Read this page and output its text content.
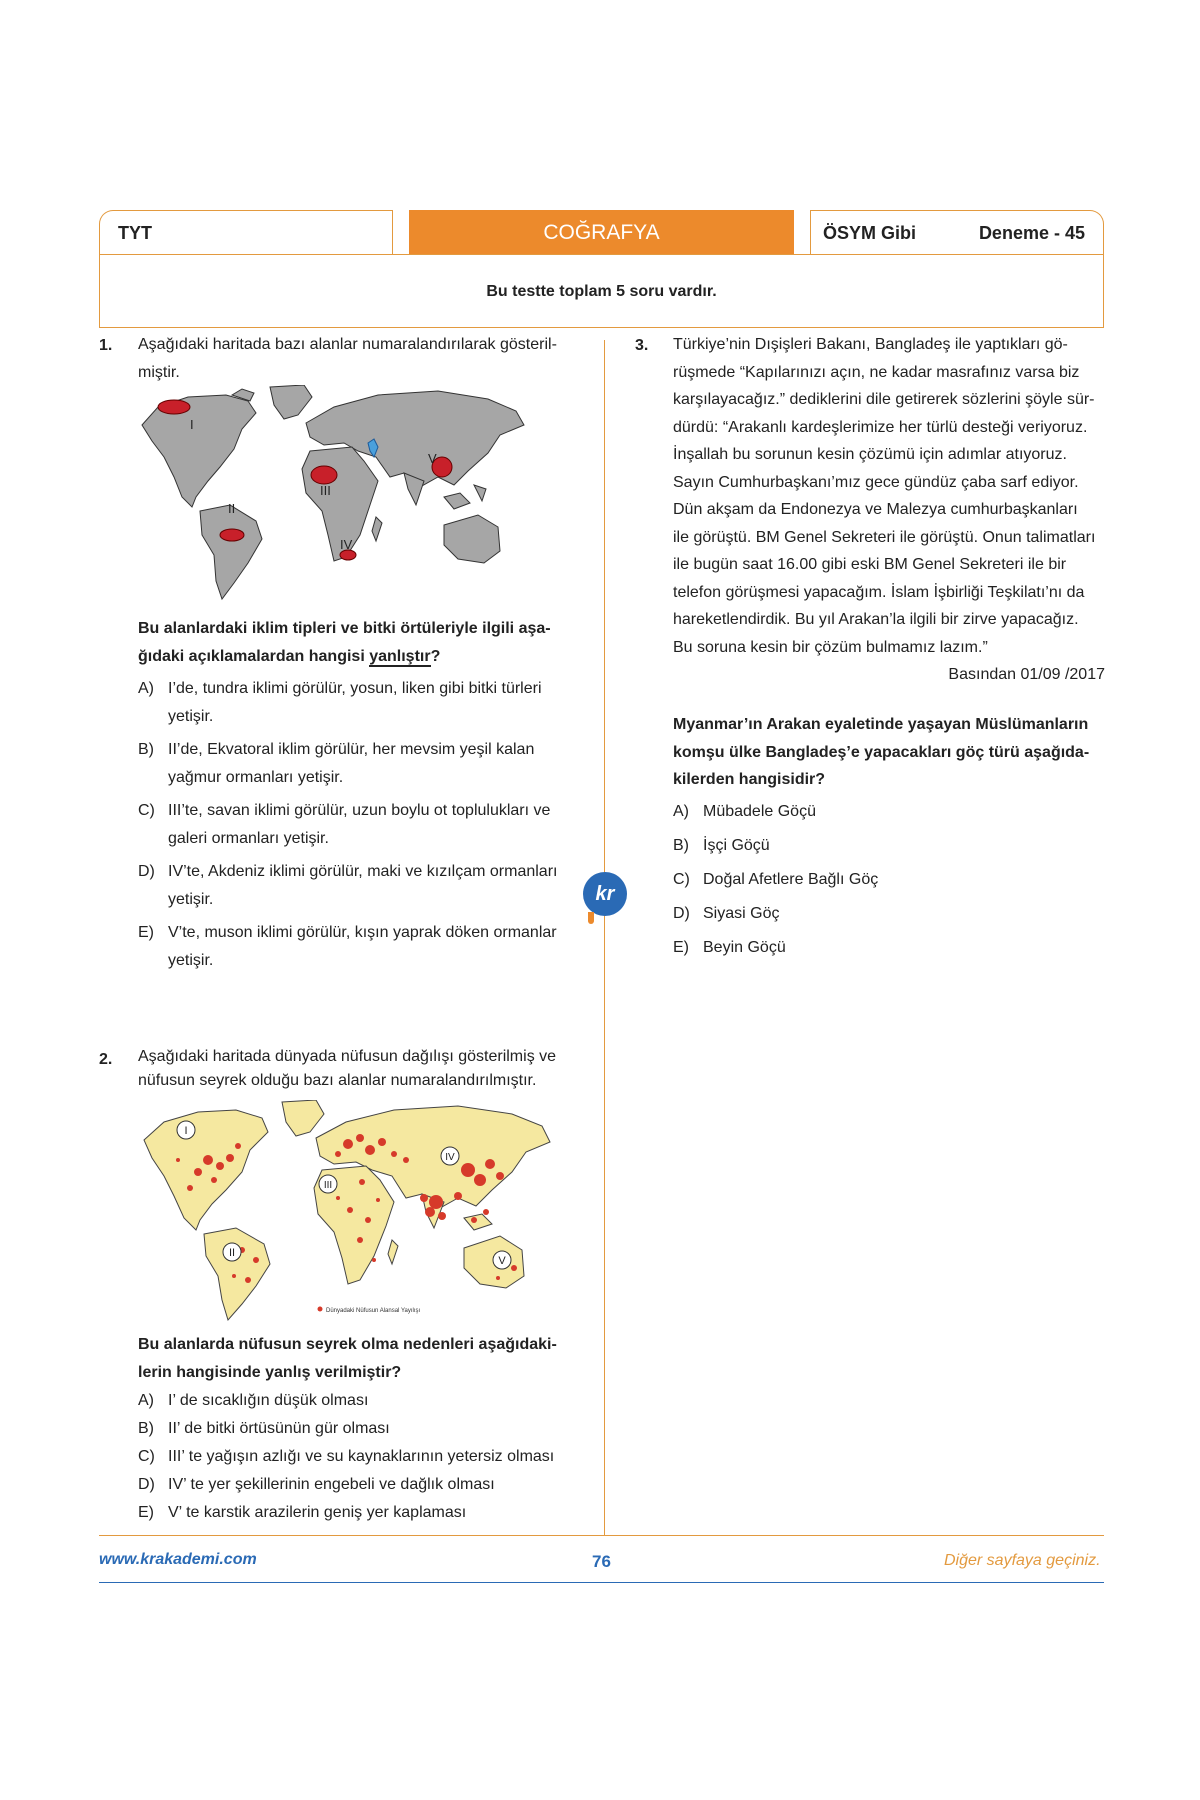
TYT	COĞRAFYA	ÖSYM Gibi	Deneme - 45
Bu testte toplam 5 soru vardır.
1. Aşağıdaki haritada bazı alanlar numaralandırılarak gösteril-
miştir.
I
II
III
IV
V
Bu alanlardaki iklim tipleri ve bitki örtüleriyle ilgili aşa-
ğıdaki açıklamalardan hangisi yanlıştır?
A) I’de, tundra iklimi görülür, yosun, liken gibi bitki türleri
yetişir.
B) II’de, Ekvatoral iklim görülür, her mevsim yeşil kalan
yağmur ormanları yetişir.
C) III’te, savan iklimi görülür, uzun boylu ot toplulukları ve
galeri ormanları yetişir.
D) IV’te, Akdeniz iklimi görülür, maki ve kızılçam ormanları
yetişir.
E) V’te, muson iklimi görülür, kışın yaprak döken ormanlar
yetişir.
kr
3. Türkiye’nin Dışişleri Bakanı, Bangladeş ile yaptıkları gö-
rüşmede “Kapılarınızı açın, ne kadar masrafınız varsa biz
karşılayacağız.” dediklerini dile getirerek sözlerini şöyle sür-
dürdü: “Arakanlı kardeşlerimize her türlü desteği veriyoruz.
İnşallah bu sorunun kesin çözümü için adımlar atıyoruz.
Sayın Cumhurbaşkanı’mız gece gündüz çaba sarf ediyor.
Dün akşam da Endonezya ve Malezya cumhurbaşkanları
ile görüştü. BM Genel Sekreteri ile görüştü. Onun talimatları
ile bugün saat 16.00 gibi eski BM Genel Sekreteri ile bir
telefon görüşmesi yapacağım. İslam İşbirliği Teşkilatı’nı da
hareketlendirdik. Bu yıl Arakan’la ilgili bir zirve yapacağız.
Bu soruna kesin bir çözüm bulmamız lazım.”
Basından 01/09 /2017
Myanmar’ın Arakan eyaletinde yaşayan Müslümanların
komşu ülke Bangladeş’e yapacakları göç türü aşağıda-
kilerden hangisidir?
A) Mübadele Göçü
B) İşçi Göçü
C) Doğal Afetlere Bağlı Göç
D) Siyasi Göç
E) Beyin Göçü
2. Aşağıdaki haritada dünyada nüfusun dağılışı gösterilmiş ve
nüfusun seyrek olduğu bazı alanlar numaralandırılmıştır.
I
II
III
IV
V
Dünyadaki Nüfusun Alansal Yayılışı
Bu alanlarda nüfusun seyrek olma nedenleri aşağıdaki-
lerin hangisinde yanlış verilmiştir?
A) I’ de sıcaklığın düşük olması
B) II’ de bitki örtüsünün gür olması
C) III’ te yağışın azlığı ve su kaynaklarının yetersiz olması
D) IV’ te yer şekillerinin engebeli ve dağlık olması
E) V’ te karstik arazilerin geniş yer kaplaması
www.krakademi.com	76	Diğer sayfaya geçiniz.
